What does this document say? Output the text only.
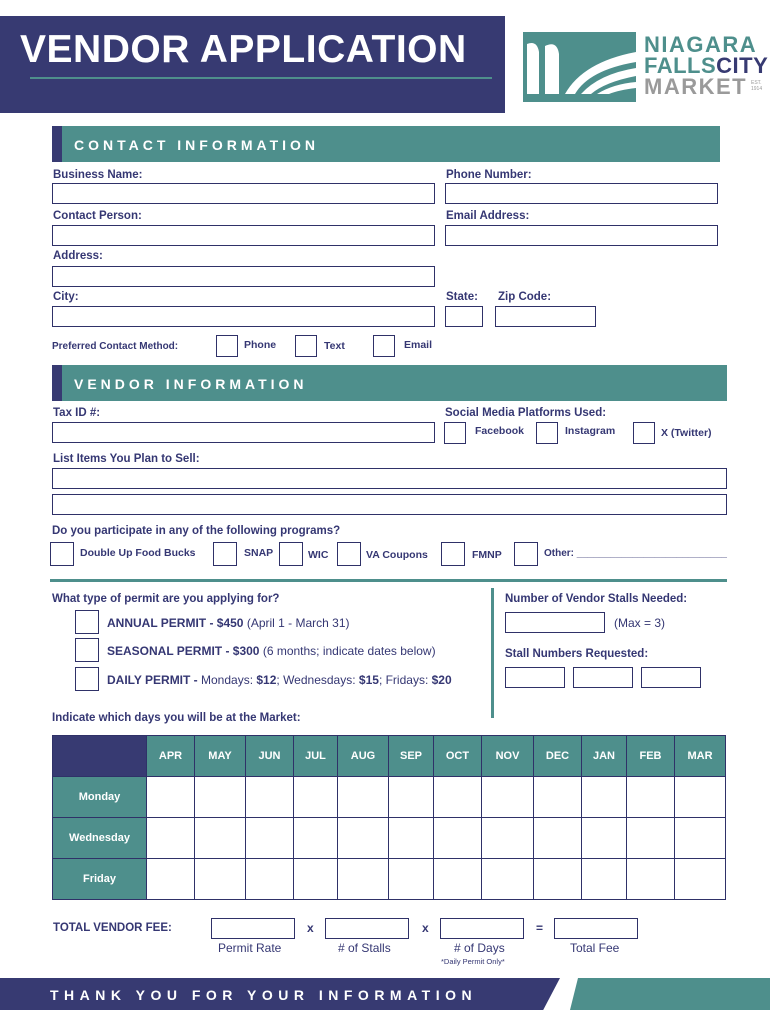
VENDOR APPLICATION	NIAGARA
FALLSCITY
MARKET EST. 1914
CONTACT INFORMATION
Business Name:	Phone Number:
Contact Person:	Email Address:
Address:
City:	State: Zip Code:
Preferred Contact Method:	Phone	Text	Email
VENDOR INFORMATION
Tax ID #:	Social Media Platforms Used:
Facebook	Instagram	X (Twitter)
List Items You Plan to Sell:
Do you participate in any of the following programs?
Double Up Food Bucks	SNAP	WIC	VA Coupons	FMNP	Other: ___________________________
What type of permit are you applying for?
ANNUAL PERMIT - $450 (April 1 - March 31)
SEASONAL PERMIT - $300 (6 months; indicate dates below)
DAILY PERMIT - Mondays: $12; Wednesdays: $15; Fridays: $20
Number of Vendor Stalls Needed:
(Max = 3)
Stall Numbers Requested:
Indicate which days you will be at the Market:
	APR	MAY	JUN	JUL	AUG	SEP	OCT	NOV	DEC	JAN	FEB	MAR
Monday												
Wednesday												
Friday												
TOTAL VENDOR FEE:	x	x	=
Permit Rate	# of Stalls	# of Days	Total Fee
*Daily Permit Only*
THANK YOU FOR YOUR INFORMATION
